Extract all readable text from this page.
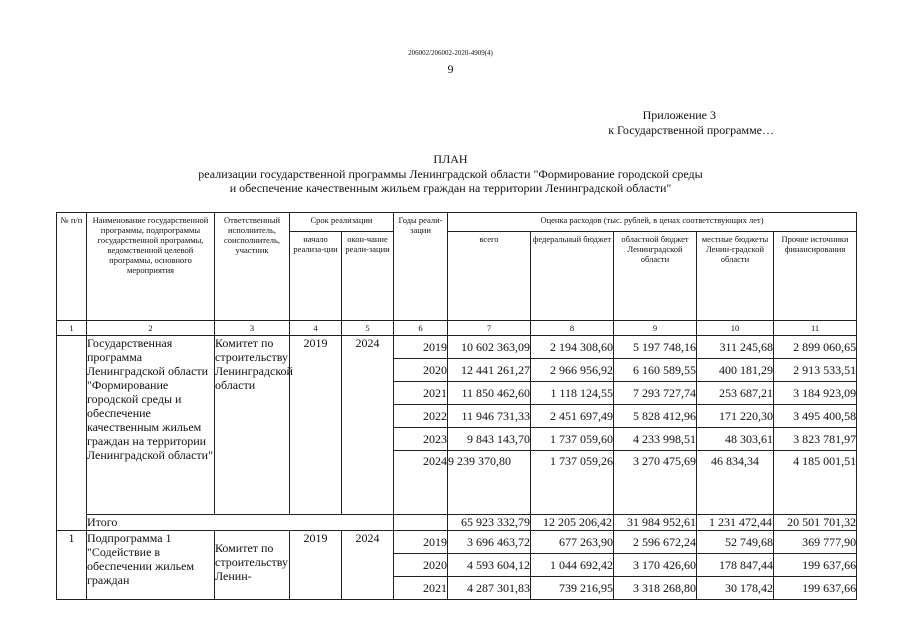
206002/206002-2020-4909(4)
9
Приложение 3
к Государственной программе…
ПЛАН
реализации государственной программы Ленинградской области "Формирование городской среды
и обеспечение качественным жильем граждан на территории Ленинградской области"
№ п/п	Наименование государственной программы, подпрограммы государственной программы, ведомственной целевой программы, основного мероприятия	Ответственный исполнитель, соисполнитель, участник	Срок реализации		Годы реали-зации	Оценка расходов (тыс. рублей, в ценах соответствующих лет)				
			начало реализа-ции	окон-чание реали-зации		всего	федеральный бюджет	областной бюджет Ленинградской области	местные бюджеты Ленин-градской области	Прочие источники финансирования
1	2	3	4	5	6	7	8	9	10	11
	Государственная программа Ленинградской области "Формирование городской среды и обеспечение качественным жильем граждан на территории Ленинградской области"	Комитет по строительству Ленинградской области	2019	2024	2019	10 602 363,09	2 194 308,60	5 197 748,16	311 245,68	2 899 060,65
					2020	12 441 261,27	2 966 956,92	6 160 589,55	400 181,29	2 913 533,51
					2021	11 850 462,60	1 118 124,55	7 293 727,74	253 687,21	3 184 923,09
					2022	11 946 731,33	2 451 697,49	5 828 412,96	171 220,30	3 495 400,58
					2023	9 843 143,70	1 737 059,60	4 233 998,51	48 303,61	3 823 781,97
					2024	9 239 370,80	1 737 059,26	3 270 475,69	46 834,34	4 185 001,51
	Итого					65 923 332,79	12 205 206,42	31 984 952,61	1 231 472,44	20 501 701,32
1	Подпрограмма 1 "Содействие в обеспечении жильем граждан	Комитет по строительству Ленин-	2019	2024	2019	3 696 463,72	677 263,90	2 596 672,24	52 749,68	369 777,90
					2020	4 593 604,12	1 044 692,42	3 170 426,60	178 847,44	199 637,66
					2021	4 287 301,83	739 216,95	3 318 268,80	30 178,42	199 637,66
